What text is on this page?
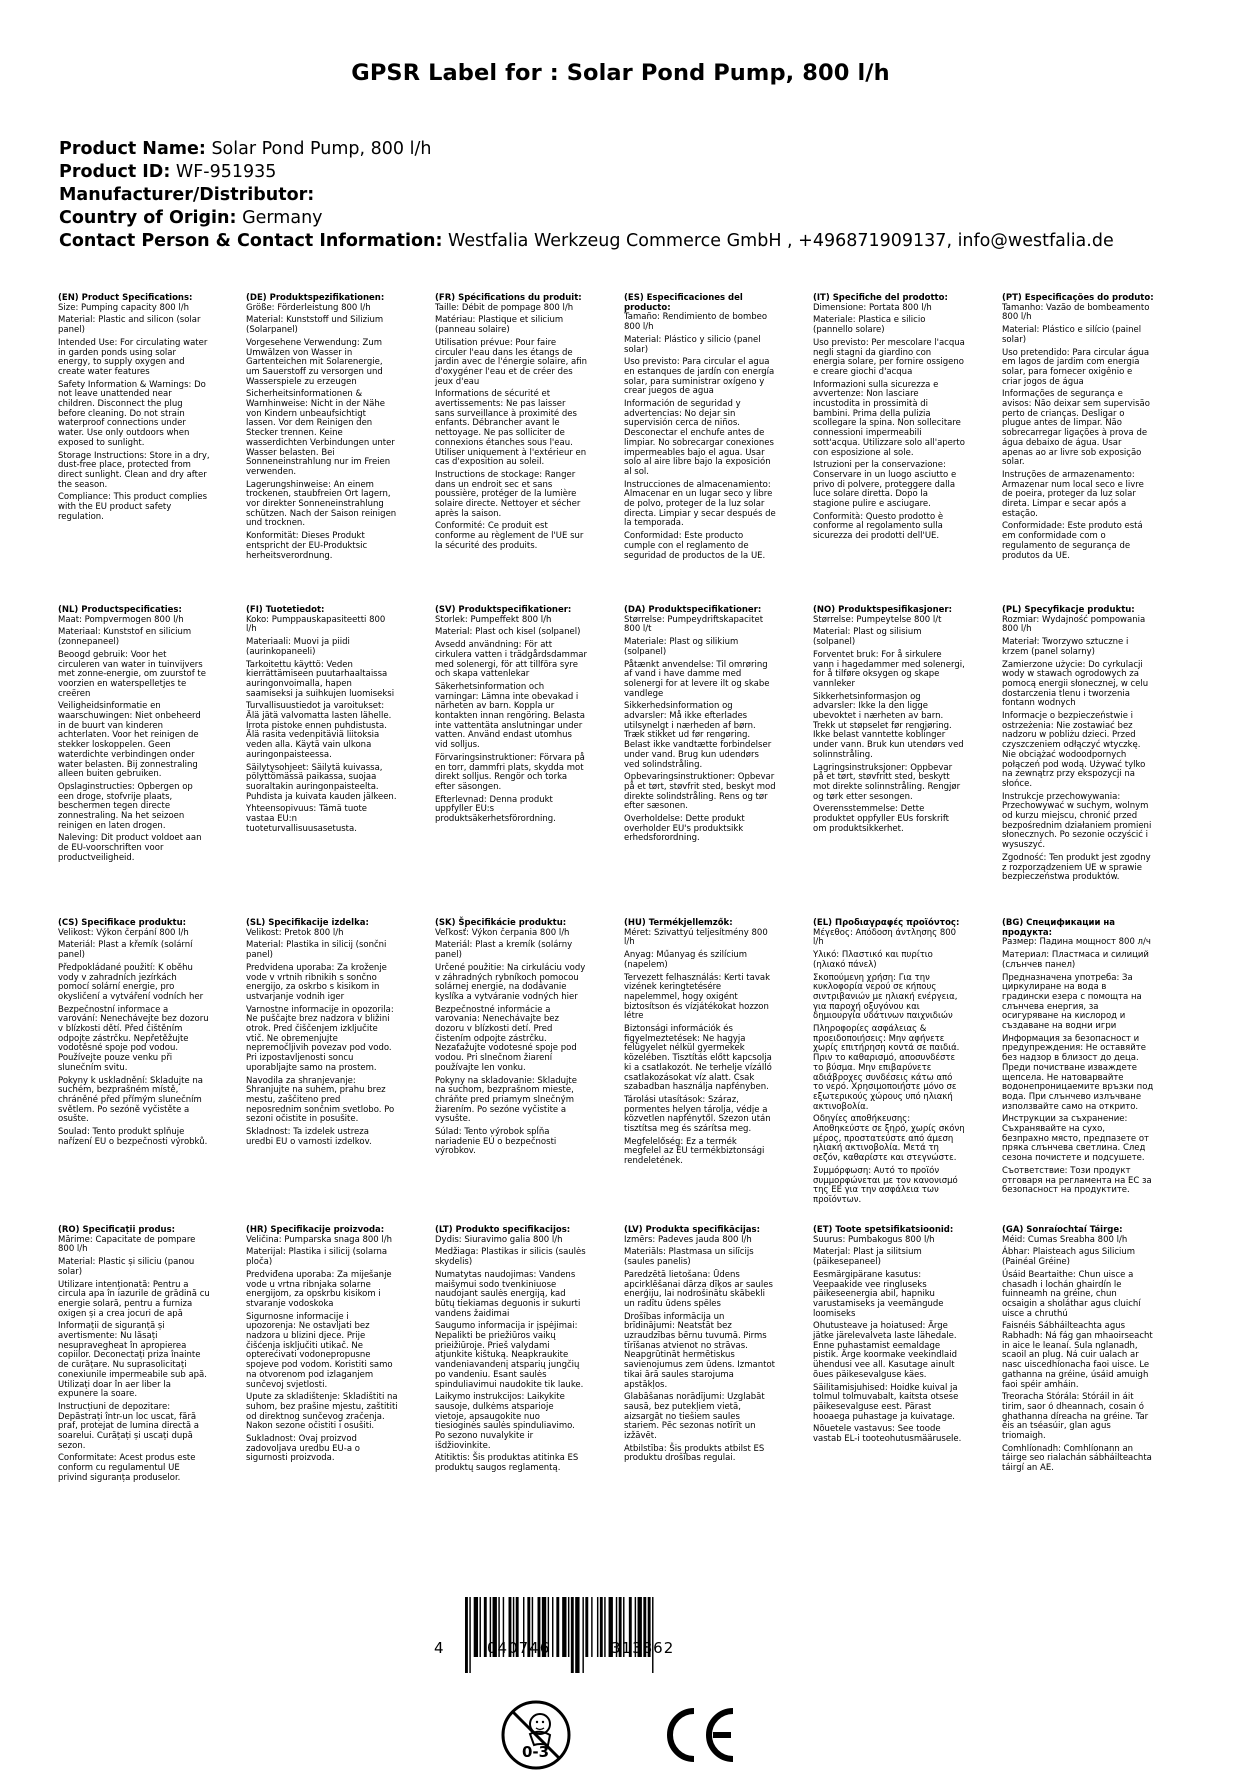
GPSR Label for : Solar Pond Pump, 800 l/h
Product Name: Solar Pond Pump, 800 l/h
Product ID: WF-951935
Manufacturer/Distributor:
Country of Origin: Germany
Contact Person & Contact Information: Westfalia Werkzeug Commerce GmbH , +496871909137, info@westfalia.de
(EN) Product Specifications:

Size: Pumping capacity 800 l/h

Material: Plastic and silicon (solar panel)

Intended Use: For circulating water in garden ponds using solar energy, to supply oxygen and create water features

Safety Information & Warnings: Do not leave unattended near children. Disconnect the plug before cleaning. Do not strain waterproof connections under water. Use only outdoors when exposed to sunlight.

Storage Instructions: Store in a dry, dust-free place, protected from direct sunlight. Clean and dry after the season.

Compliance: This product complies with the EU product safety regulation.

(DE) Produktspezifikationen:

Größe: Förderleistung 800 l/h

Material: Kunststoff und Silizium (Solarpanel)

Vorgesehene Verwendung: Zum Umwälzen von Wasser in Gartenteichen mit Solarenergie, um Sauerstoff zu versorgen und Wasserspiele zu erzeugen

Sicherheitsinformationen & Warnhinweise: Nicht in der Nähe von Kindern unbeaufsichtigt lassen. Vor dem Reinigen den Stecker trennen. Keine wasserdichten Verbindungen unter Wasser belasten. Bei Sonneneinstrahlung nur im Freien verwenden.

Lagerungshinweise: An einem trockenen, staubfreien Ort lagern, vor direkter Sonneneinstrahlung schützen. Nach der Saison reinigen und trocknen.

Konformität: Dieses Produkt entspricht der EU-Produktsic herheitsverordnung.

(FR) Spécifications du produit:

Taille: Débit de pompage 800 l/h

Matériau: Plastique et silicium (panneau solaire)

Utilisation prévue: Pour faire circuler l'eau dans les étangs de jardin avec de l'énergie solaire, afin d'oxygéner l'eau et de créer des jeux d'eau

Informations de sécurité et avertissements: Ne pas laisser sans surveillance à proximité des enfants. Débrancher avant le nettoyage. Ne pas solliciter de connexions étanches sous l'eau. Utiliser uniquement à l'extérieur en cas d'exposition au soleil.

Instructions de stockage: Ranger dans un endroit sec et sans poussière, protéger de la lumière solaire directe. Nettoyer et sécher après la saison.

Conformité: Ce produit est conforme au règlement de l'UE sur la sécurité des produits.

(ES) Especificaciones del producto:

Tamaño: Rendimiento de bombeo 800 l/h

Material: Plástico y silicio (panel solar)

Uso previsto: Para circular el agua en estanques de jardín con energía solar, para suministrar oxígeno y crear juegos de agua

Información de seguridad y advertencias: No dejar sin supervisión cerca de niños. Desconectar el enchufe antes de limpiar. No sobrecargar conexiones impermeables bajo el agua. Usar solo al aire libre bajo la exposición al sol.

Instrucciones de almacenamiento: Almacenar en un lugar seco y libre de polvo, proteger de la luz solar directa. Limpiar y secar después de la temporada.

Conformidad: Este producto cumple con el reglamento de seguridad de productos de la UE.

(IT) Specifiche del prodotto:

Dimensione: Portata 800 l/h

Materiale: Plastica e silicio (pannello solare)

Uso previsto: Per mescolare l'acqua negli stagni da giardino con energia solare, per fornire ossigeno e creare giochi d'acqua

Informazioni sulla sicurezza e avvertenze: Non lasciare incustodita in prossimità di bambini. Prima della pulizia scollegare la spina. Non sollecitare connessioni impermeabili sott'acqua. Utilizzare solo all'aperto con esposizione al sole.

Istruzioni per la conservazione: Conservare in un luogo asciutto e privo di polvere, proteggere dalla luce solare diretta. Dopo la stagione pulire e asciugare.

Conformità: Questo prodotto è conforme al regolamento sulla sicurezza dei prodotti dell'UE.

(PT) Especificações do produto:

Tamanho: Vazão de bombeamento 800 l/h

Material: Plástico e silício (painel solar)

Uso pretendido: Para circular água em lagos de jardim com energia solar, para fornecer oxigênio e criar jogos de água

Informações de segurança e avisos: Não deixar sem supervisão perto de crianças. Desligar o plugue antes de limpar. Não sobrecarregar ligações à prova de água debaixo de água. Usar apenas ao ar livre sob exposição solar.

Instruções de armazenamento: Armazenar num local seco e livre de poeira, proteger da luz solar direta. Limpar e secar após a estação.

Conformidade: Este produto está em conformidade com o regulamento de segurança de produtos da UE.

(NL) Productspecificaties:

Maat: Pompvermogen 800 l/h

Materiaal: Kunststof en silicium (zonnepaneel)

Beoogd gebruik: Voor het circuleren van water in tuinvijvers met zonne-energie, om zuurstof te voorzien en waterspelletjes te creëren

Veiligheidsinformatie en waarschuwingen: Niet onbeheerd in de buurt van kinderen achterlaten. Voor het reinigen de stekker loskoppelen. Geen waterdichte verbindingen onder water belasten. Bij zonnestraling alleen buiten gebruiken.

Opslaginstructies: Opbergen op een droge, stofvrije plaats, beschermen tegen directe zonnestraling. Na het seizoen reinigen en laten drogen.

Naleving: Dit product voldoet aan de EU-voorschriften voor productveiligheid.

(FI) Tuotetiedot:

Koko: Pumppauskapasiteetti 800 l/h

Materiaali: Muovi ja piidi (aurinkopaneeli)

Tarkoitettu käyttö: Veden kierrättämiseen puutarhaaltaissa auringonvoimalla, hapen saamiseksi ja suihkujen luomiseksi

Turvallisuustiedot ja varoitukset: Älä jätä valvomatta lasten lähelle. Irrota pistoke ennen puhdistusta. Älä rasita vedenpitäviä liitoksia veden alla. Käytä vain ulkona auringonpaisteessa.

Säilytysohjeet: Säilytä kuivassa, pölyttömässä paikassa, suojaa suoraltakin auringonpaisteelta. Puhdista ja kuivata kauden jälkeen.

Yhteensopivuus: Tämä tuote vastaa EU:n tuoteturvallisuusasetusta.

(SV) Produktspecifikationer:

Storlek: Pumpeffekt 800 l/h

Material: Plast och kisel (solpanel)

Avsedd användning: För att cirkulera vatten i trädgårdsdammar med solenergi, för att tillföra syre och skapa vattenlekar

Säkerhetsinformation och varningar: Lämna inte obevakad i närheten av barn. Koppla ur kontakten innan rengöring. Belasta inte vattentäta anslutningar under vatten. Använd endast utomhus vid solljus.

Förvaringsinstruktioner: Förvara på en torr, dammfri plats, skydda mot direkt solljus. Rengör och torka efter säsongen.

Efterlevnad: Denna produkt uppfyller EU:s produktsäkerhetsförordning.

(DA) Produktspecifikationer:

Størrelse: Pumpeydriftskapacitet 800 l/t

Materiale: Plast og silikium (solpanel)

Påtænkt anvendelse: Til omrøring af vand i have damme med solenergi for at levere ilt og skabe vandlege

Sikkerhedsinformation og advarsler: Må ikke efterlades utilsynelgt i nærheden af børn. Træk stikket ud før rengøring. Belast ikke vandtætte forbindelser under vand. Brug kun udendørs ved solindstråling.

Opbevaringsinstruktioner: Opbevar på et tørt, støvfrit sted, beskyt mod direkte solindstråling. Rens og tør efter sæsonen.

Overholdelse: Dette produkt overholder EU's produktsikk erhedsforordning.

(NO) Produktspesifikasjoner:

Størrelse: Pumpeytelse 800 l/t

Material: Plast og silisium (solpanel)

Forventet bruk: For å sirkulere vann i hagedammer med solenergi, for å tilføre oksygen og skape vannleker

Sikkerhetsinformasjon og advarsler: Ikke la den ligge ubevoktet i nærheten av barn. Trekk ut støpselet før rengjøring. Ikke belast vanntette koblinger under vann. Bruk kun utendørs ved solinnstråling.

Lagringsinstruksjoner: Oppbevar på et tørt, støvfritt sted, beskytt mot direkte solinnstråling. Rengjør og tørk etter sesongen.

Overensstemmelse: Dette produktet oppfyller EUs forskrift om produktsikkerhet.

(PL) Specyfikacje produktu:

Rozmiar: Wydajność pompowania 800 l/h

Materiał: Tworzywo sztuczne i krzem (panel solarny)

Zamierzone użycie: Do cyrkulacji wody w stawach ogrodowych za pomocą energii słonecznej, w celu dostarczenia tlenu i tworzenia fontann wodnych

Informacje o bezpieczeństwie i ostrzeżenia: Nie zostawiać bez nadzoru w pobliżu dzieci. Przed czyszczeniem odłączyć wtyczkę. Nie obciążać wodoodpornych połączeń pod wodą. Używać tylko na zewnątrz przy ekspozycji na słońce.

Instrukcje przechowywania: Przechowywać w suchym, wolnym od kurzu miejscu, chronić przed bezpośrednim działaniem promieni słonecznych. Po sezonie oczyścić i wysuszyć.

Zgodność: Ten produkt jest zgodny z rozporządzeniem UE w sprawie bezpieczeństwa produktów.

(CS) Specifikace produktu:

Velikost: Výkon čerpání 800 l/h

Materiál: Plast a křemík (solární panel)

Předpokládané použití: K oběhu vody v zahradních jezírkách pomocí solární energie, pro okysličení a vytváření vodních her

Bezpečnostní informace a varování: Nenechávejte bez dozoru v blízkosti dětí. Před čištěním odpojte zástrčku. Nepřetěžujte vodotěsné spoje pod vodou. Používejte pouze venku při slunečním svitu.

Pokyny k uskladnění: Skladujte na suchém, bezprašném místě, chráněné před přímým slunečním světlem. Po sezóně vyčistěte a osušte.

Soulad: Tento produkt splňuje nařízení EU o bezpečnosti výrobků.

(SL) Specifikacije izdelka:

Velikost: Pretok 800 l/h

Material: Plastika in silicij (sončni panel)

Predvidena uporaba: Za kroženje vode v vrtnih ribnikih s sončno energijo, za oskrbo s kisikom in ustvarjanje vodnih iger

Varnostne informacije in opozorila: Ne puščajte brez nadzora v bližini otrok. Pred čiščenjem izključite vtič. Ne obremenjujte nepremočljivih povezav pod vodo. Pri izpostavljenosti soncu uporabljajte samo na prostem.

Navodila za shranjevanje: Shranjujte na suhem, prahu brez mestu, zaščiteno pred neposrednim sončnim svetlobo. Po sezoni očistite in posušite.

Skladnost: Ta izdelek ustreza uredbi EU o varnosti izdelkov.

(SK) Špecifikácie produktu:

Veľkosť: Výkon čerpania 800 l/h

Materiál: Plast a kremík (solárny panel)

Určené použitie: Na cirkuláciu vody v záhradných rybníkoch pomocou solárnej energie, na dodávanie kyslíka a vytváranie vodných hier

Bezpečnostné informácie a varovania: Nenechávajte bez dozoru v blízkosti detí. Pred čistením odpojte zástrčku. Nezaťažujte vodotesné spoje pod vodou. Pri slnečnom žiarení používajte len vonku.

Pokyny na skladovanie: Skladujte na suchom, bezprašnom mieste, chráňte pred priamym slnečným žiarením. Po sezóne vyčistite a vysušte.

Súlad: Tento výrobok spĺňa nariadenie EÚ o bezpečnosti výrobkov.

(HU) Termékjellemzők:

Méret: Szivattyú teljesítmény 800 l/h

Anyag: Műanyag és szilícium (napelem)

Tervezett felhasználás: Kerti tavak vizének keringtetésére napelemmel, hogy oxigént biztosítson és vízjátékokat hozzon létre

Biztonsági információk és figyelmeztetések: Ne hagyja felügyelet nélkül gyermekek közelében. Tisztítás előtt kapcsolja ki a csatlakozót. Ne terhelje vízálló csatlakozásokat víz alatt. Csak szabadban használja napfényben.

Tárolási utasítások: Száraz, pormentes helyen tárolja, védje a közvetlen napfénytől. Szezon után tisztítsa meg és szárítsa meg.

Megfelelőség: Ez a termék megfelel az EU termékbiztonsági rendeletének.

(EL) Προδιαγραφές προϊόντος:

Μέγεθος: Απόδοση άντλησης 800 l/h

Υλικό: Πλαστικό και πυρίτιο (ηλιακό πάνελ)

Σκοπούμενη χρήση: Για την κυκλοφορία νερού σε κήπους σιντριβανιών με ηλιακή ενέργεια, για παροχή οξυγόνου και δημιουργία υδάτινων παιχνιδιών

Πληροφορίες ασφάλειας & προειδοποιήσεις: Μην αφήνετε χωρίς επιτήρηση κοντά σε παιδιά. Πριν το καθαρισμό, αποσυνδέστε το βύσμα. Μην επιβαρύνετε αδιάβροχες συνδέσεις κάτω από το νερό. Χρησιμοποιήστε μόνο σε εξωτερικούς χώρους υπό ηλιακή ακτινοβολία.

Οδηγίες αποθήκευσης: Αποθηκεύστε σε ξηρό, χωρίς σκόνη μέρος, προστατεύστε από άμεση ηλιακή ακτινοβολία. Μετά τη σεζόν, καθαρίστε και στεγνώστε.

Συμμόρφωση: Αυτό το προϊόν συμμορφώνεται με τον κανονισμό της ΕΕ για την ασφάλεια των προϊόντων.

(BG) Спецификации на продукта:

Размер: Падина мощност 800 л/ч

Материал: Пластмаса и силиций (слънчев панел)

Предназначена употреба: За циркулиране на вода в градински езера с помощта на слънчева енергия, за осигуряване на кислород и създаване на водни игри

Информация за безопасност и предупреждения: Не оставяйте без надзор в близост до деца. Преди почистване изваждете щепсела. Не натоварвайте водонепроницаемите връзки под вода. При слънчево излъчване използвайте само на открито.

Инструкции за съхранение: Съхранявайте на сухо, безпрахно място, предпазете от пряка слънчева светлина. След сезона почистете и подсушете.

Съответствие: Този продукт отговаря на регламента на ЕС за безопасност на продуктите.

(RO) Specificații produs:

Mărime: Capacitate de pompare 800 l/h

Material: Plastic și siliciu (panou solar)

Utilizare intenționată: Pentru a circula apa în iazurile de grădină cu energie solară, pentru a furniza oxigen și a crea jocuri de apă

Informații de siguranță și avertismente: Nu lăsați nesupravegheat în apropierea copiilor. Deconectați priza înainte de curățare. Nu suprasolicitați conexiunile impermeabile sub apă. Utilizați doar în aer liber la expunere la soare.

Instrucțiuni de depozitare: Depăstrați într-un loc uscat, fără praf, protejat de lumina directă a soarelui. Curățați și uscați după sezon.

Conformitate: Acest produs este conform cu regulamentul UE privind siguranța produselor.

(HR) Specifikacije proizvoda:

Veličina: Pumparska snaga 800 l/h

Materijal: Plastika i silicij (solarna ploča)

Predviđena uporaba: Za miješanje vode u vrtna ribnjaka solarne energijom, za opskrbu kisikom i stvaranje vodoskoka

Sigurnosne informacije i upozorenja: Ne ostavljati bez nadzora u blizini djece. Prije čišćenja isključiti utikač. Ne opterećivati vodonepropusne spojeve pod vodom. Koristiti samo na otvorenom pod izlaganjem sunčevoj svjetlosti.

Upute za skladištenje: Skladištiti na suhom, bez prašine mjestu, zaštititi od direktnog sunčevog zračenja. Nakon sezone očistiti i osušiti.

Sukladnost: Ovaj proizvod zadovoljava uredbu EU-a o sigurnosti proizvoda.

(LT) Produkto specifikacijos:

Dydis: Siuravimo galia 800 l/h

Medžiaga: Plastikas ir silicis (saulės skydelis)

Numatytas naudojimas: Vandens maišymui sodo tvenkiniuose naudojant saulės energiją, kad būtų tiekiamas deguonis ir sukurti vandens žaidimai

Saugumo informacija ir įspėjimai: Nepalikti be priežiūros vaikų prieižiūroje. Prieš valydami atjunkite kištuką. Neapkraukite vandeniavandenį atsparių jungčių po vandeniu. Esant saulės spinduliavimui naudokite tik lauke.

Laikymo instrukcijos: Laikykite sausoje, dulkėms atsparioje vietoje, apsaugokite nuo tiesioginės saulės spinduliavimo. Po sezono nuvalykite ir išdžiovinkite.

Atitiktis: Šis produktas atitinka ES produktų saugos reglamentą.

(LV) Produkta specifikācijas:

Izmērs: Padeves jauda 800 l/h

Materiāls: Plastmasa un silīcijs (saules panelis)

Paredzētā lietošana: Ūdens apcirklēšanai dārza dīķos ar saules enerģiju, lai nodrošinātu skābekli un radītu ūdens spēles

Drošības informācija un brīdinājumi: Neatstāt bez uzraudzības bērnu tuvumā. Pirms tīrīšanas atvienot no strāvas. Neapgrūtināt hermētiskus savienojumus zem ūdens. Izmantot tikai ārā saules starojuma apstākļos.

Glabāšanas norādījumi: Uzglabāt sausā, bez putekļiem vietā, aizsargāt no tiešiem saules stariem. Pēc sezonas notīrīt un izžāvēt.

Atbilstība: Šis produkts atbilst ES produktu drošības regulai.

(ET) Toote spetsifikatsioonid:

Suurus: Pumbakogus 800 l/h

Materjal: Plast ja silitsium (päikesepaneel)

Eesmärgipärane kasutus: Veepaakide vee ringluseks päikeseenergia abil, hapniku varustamiseks ja veemängude loomiseks

Ohutusteave ja hoiatused: Ärge jätke järelevalveta laste lähedale. Enne puhastamist eemaldage pistik. Ärge koormake veekindlaid ühendusi vee all. Kasutage ainult õues päikesevalguse käes.

Säilitamisjuhised: Hoidke kuival ja tolmul tolmuvabalt, kaitsta otsese päikesevalguse eest. Pärast hooaega puhastage ja kuivatage.

Nõuetele vastavus: See toode vastab EL-i tooteohutusmäärusele.

(GA) Sonraíochtaí Táirge:

Méid: Cumas Sreabha 800 l/h

Ábhar: Plaisteach agus Silicium (Painéal Gréine)

Úsáid Beartaithe: Chun uisce a chasadh i lochán ghairdín le fuinneamh na gréine, chun ocsaigin a sholáthar agus cluichí uisce a chruthú

Faisnéis Sábháilteachta agus Rabhadh: Ná fág gan mhaoirseacht in aice le leanaí. Sula nglanadh, scaoil an plug. Ná cuir ualach ar nasc uiscedhíonacha faoi uisce. Le gathanna na gréine, úsáid amuigh faoi spéir amháin.

Treoracha Stórála: Stóráil in áit tirim, saor ó dheannach, cosain ó ghathanna díreacha na gréine. Tar éis an tséasúir, glan agus triomaigh.

Comhlíonadh: Comhlíonann an táirge seo rialachán sábháilteachta táirgí an AE.

4	040746	313862
0-3
